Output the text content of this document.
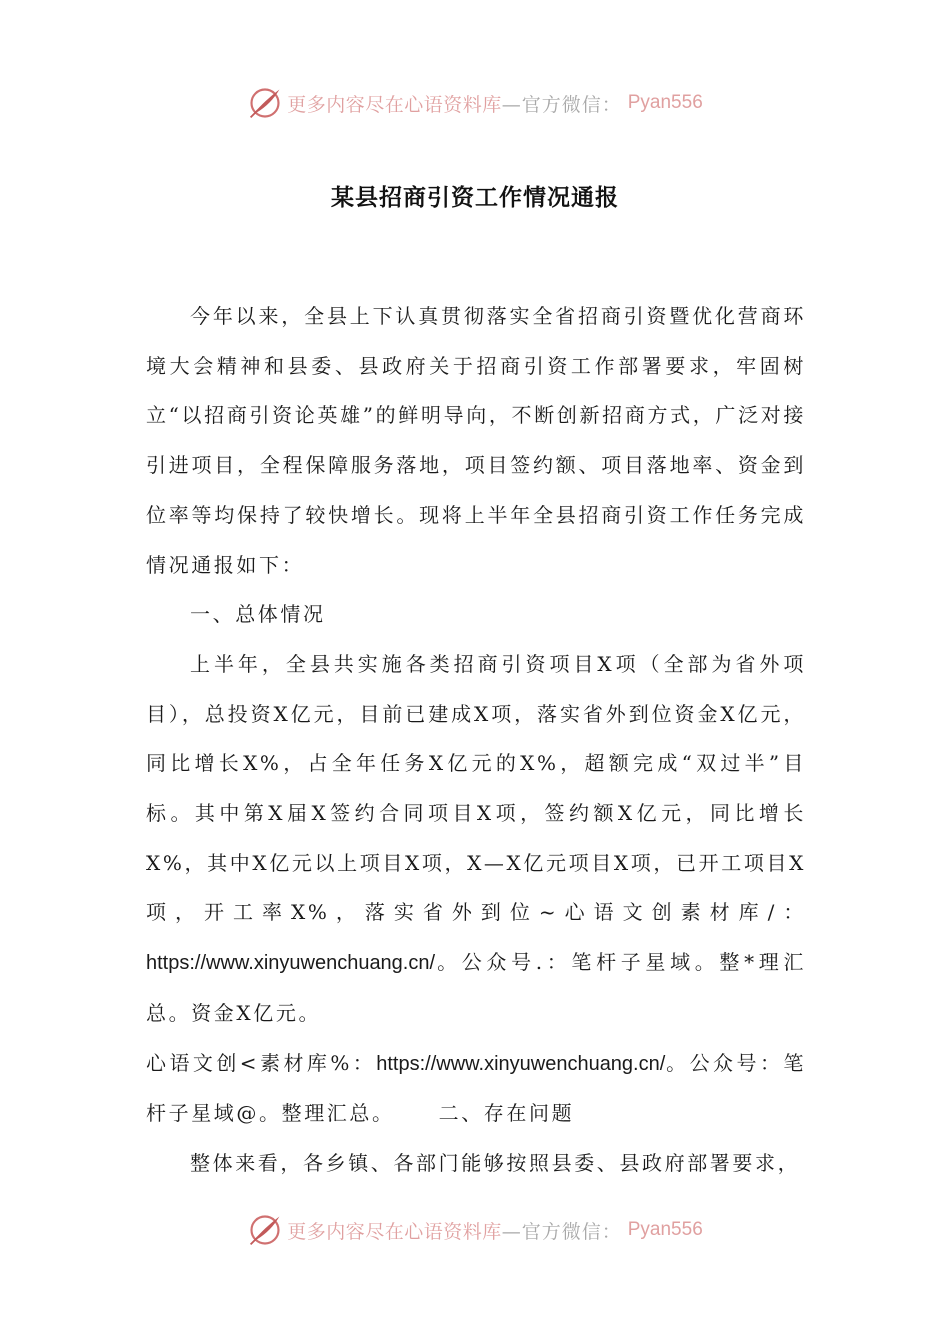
更多内容尽在心语资料库 —官方微信： Pyan556
某县招商引资工作情况通报

今年以来，全县上下认真贯彻落实全省招商引资暨优化营商环境大会精神和县委、县政府关于招商引资工作部署要求，牢固树立“以招商引资论英雄”的鲜明导向，不断创新招商方式，广泛对接引进项目，全程保障服务落地，项目签约额、项目落地率、资金到位率等均保持了较快增长。现将上半年全县招商引资工作任务完成情况通报如下：

一、总体情况

上半年，全县共实施各类招商引资项目X项（全部为省外项目），总投资X亿元，目前已建成X项，落实省外到位资金X亿元，同比增长X%，占全年任务X亿元的X%，超额完成“双过半”目标。其中第X届X签约合同项目X项，签约额X亿元，同比增长X%，其中X亿元以上项目X项，X—X亿元项目X项，已开工项目X项，开工率X%，落实省外到位~心语文创素材库/：https://www.xinyuwenchuang.cn/。公众号.：笔杆子星域。整*理汇总。资金X亿元。

心语文创<素材库%：https://www.xinyuwenchuang.cn/。公众号：笔杆子星域@。整理汇总。 二、存在问题

整体来看，各乡镇、各部门能够按照县委、县政府部署要求，

更多内容尽在心语资料库 —官方微信： Pyan556
